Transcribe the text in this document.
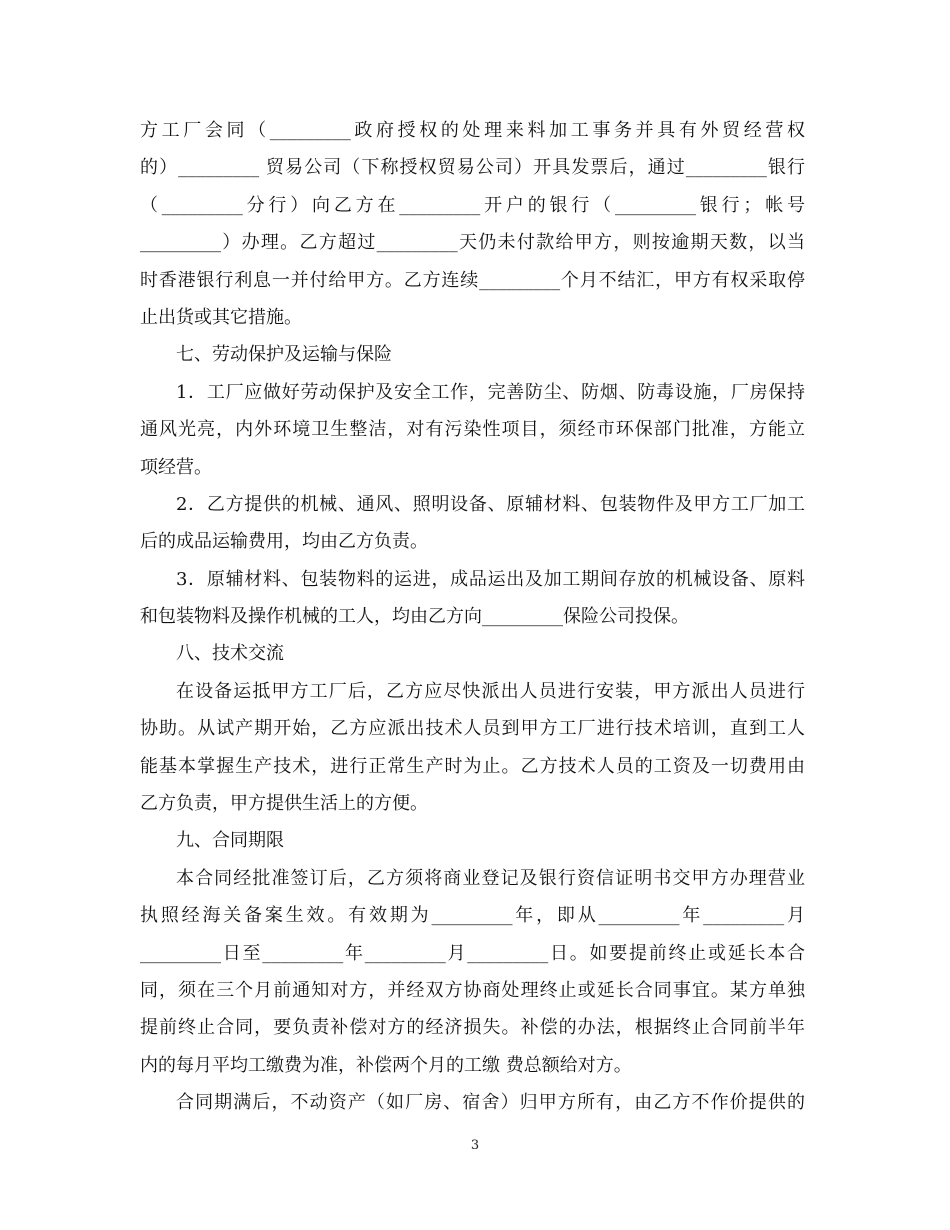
方工厂会同（_________政府授权的处理来料加工事务并具有外贸经营权
的）_________ 贸易公司（下称授权贸易公司）开具发票后，通过_________银行
（_________分行）向乙方在_________开户的银行（_________银行；帐号
_________）办理。乙方超过_________天仍未付款给甲方，则按逾期天数，以当
时香港银行利息一并付给甲方。乙方连续_________个月不结汇，甲方有权采取停
止出货或其它措施。
七、劳动保护及运输与保险
1．工厂应做好劳动保护及安全工作，完善防尘、防烟、防毒设施，厂房保持
通风光亮，内外环境卫生整洁，对有污染性项目，须经市环保部门批准，方能立
项经营。
2．乙方提供的机械、通风、照明设备、原辅材料、包装物件及甲方工厂加工
后的成品运输费用，均由乙方负责。
3．原辅材料、包装物料的运进，成品运出及加工期间存放的机械设备、原料
和包装物料及操作机械的工人，均由乙方向_________保险公司投保。
八、技术交流
在设备运抵甲方工厂后，乙方应尽快派出人员进行安装，甲方派出人员进行
协助。从试产期开始，乙方应派出技术人员到甲方工厂进行技术培训，直到工人
能基本掌握生产技术，进行正常生产时为止。乙方技术人员的工资及一切费用由
乙方负责，甲方提供生活上的方便。
九、合同期限
本合同经批准签订后，乙方须将商业登记及银行资信证明书交甲方办理营业
执照经海关备案生效。有效期为_________年，即从_________年_________月
_________日至_________年_________月_________日。如要提前终止或延长本合
同，须在三个月前通知对方，并经双方协商处理终止或延长合同事宜。某方单独
提前终止合同，要负责补偿对方的经济损失。补偿的办法，根据终止合同前半年
内的每月平均工缴费为准，补偿两个月的工缴 费总额给对方。
合同期满后，不动资产（如厂房、宿舍）归甲方所有，由乙方不作价提供的
3
